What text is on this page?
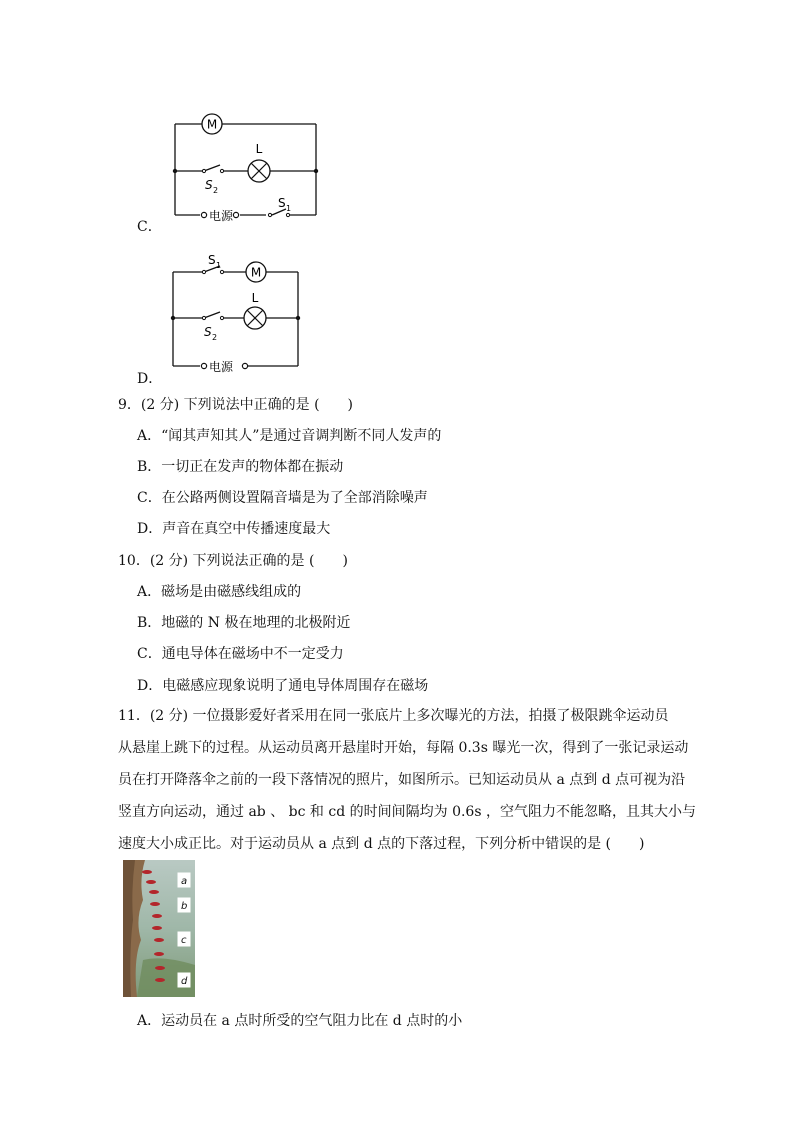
M
L
S 2
电源
S 1
C．
S 1 M
S 2
L
电源
D．
9．(2 分) 下列说法中正确的是 (　　)
A．“闻其声知其人”是通过音调判断不同人发声的
B．一切正在发声的物体都在振动
C．在公路两侧设置隔音墙是为了全部消除噪声
D．声音在真空中传播速度最大
10．(2 分) 下列说法正确的是 (　　)
A．磁场是由磁感线组成的
B．地磁的 N 极在地理的北极附近
C．通电导体在磁场中不一定受力
D．电磁感应现象说明了通电导体周围存在磁场
11．(2 分) 一位摄影爱好者采用在同一张底片上多次曝光的方法，拍摄了极限跳伞运动员
从悬崖上跳下的过程。从运动员离开悬崖时开始，每隔 0.3s 曝光一次，得到了一张记录运动
员在打开降落伞之前的一段下落情况的照片，如图所示。已知运动员从 a 点到 d 点可视为沿
竖直方向运动，通过 ab 、 bc 和 cd 的时间间隔均为 0.6s ，空气阻力不能忽略，且其大小与
速度大小成正比。对于运动员从 a 点到 d 点的下落过程，下列分析中错误的是 (　　)
a
b
c
d
A．运动员在 a 点时所受的空气阻力比在 d 点时的小
